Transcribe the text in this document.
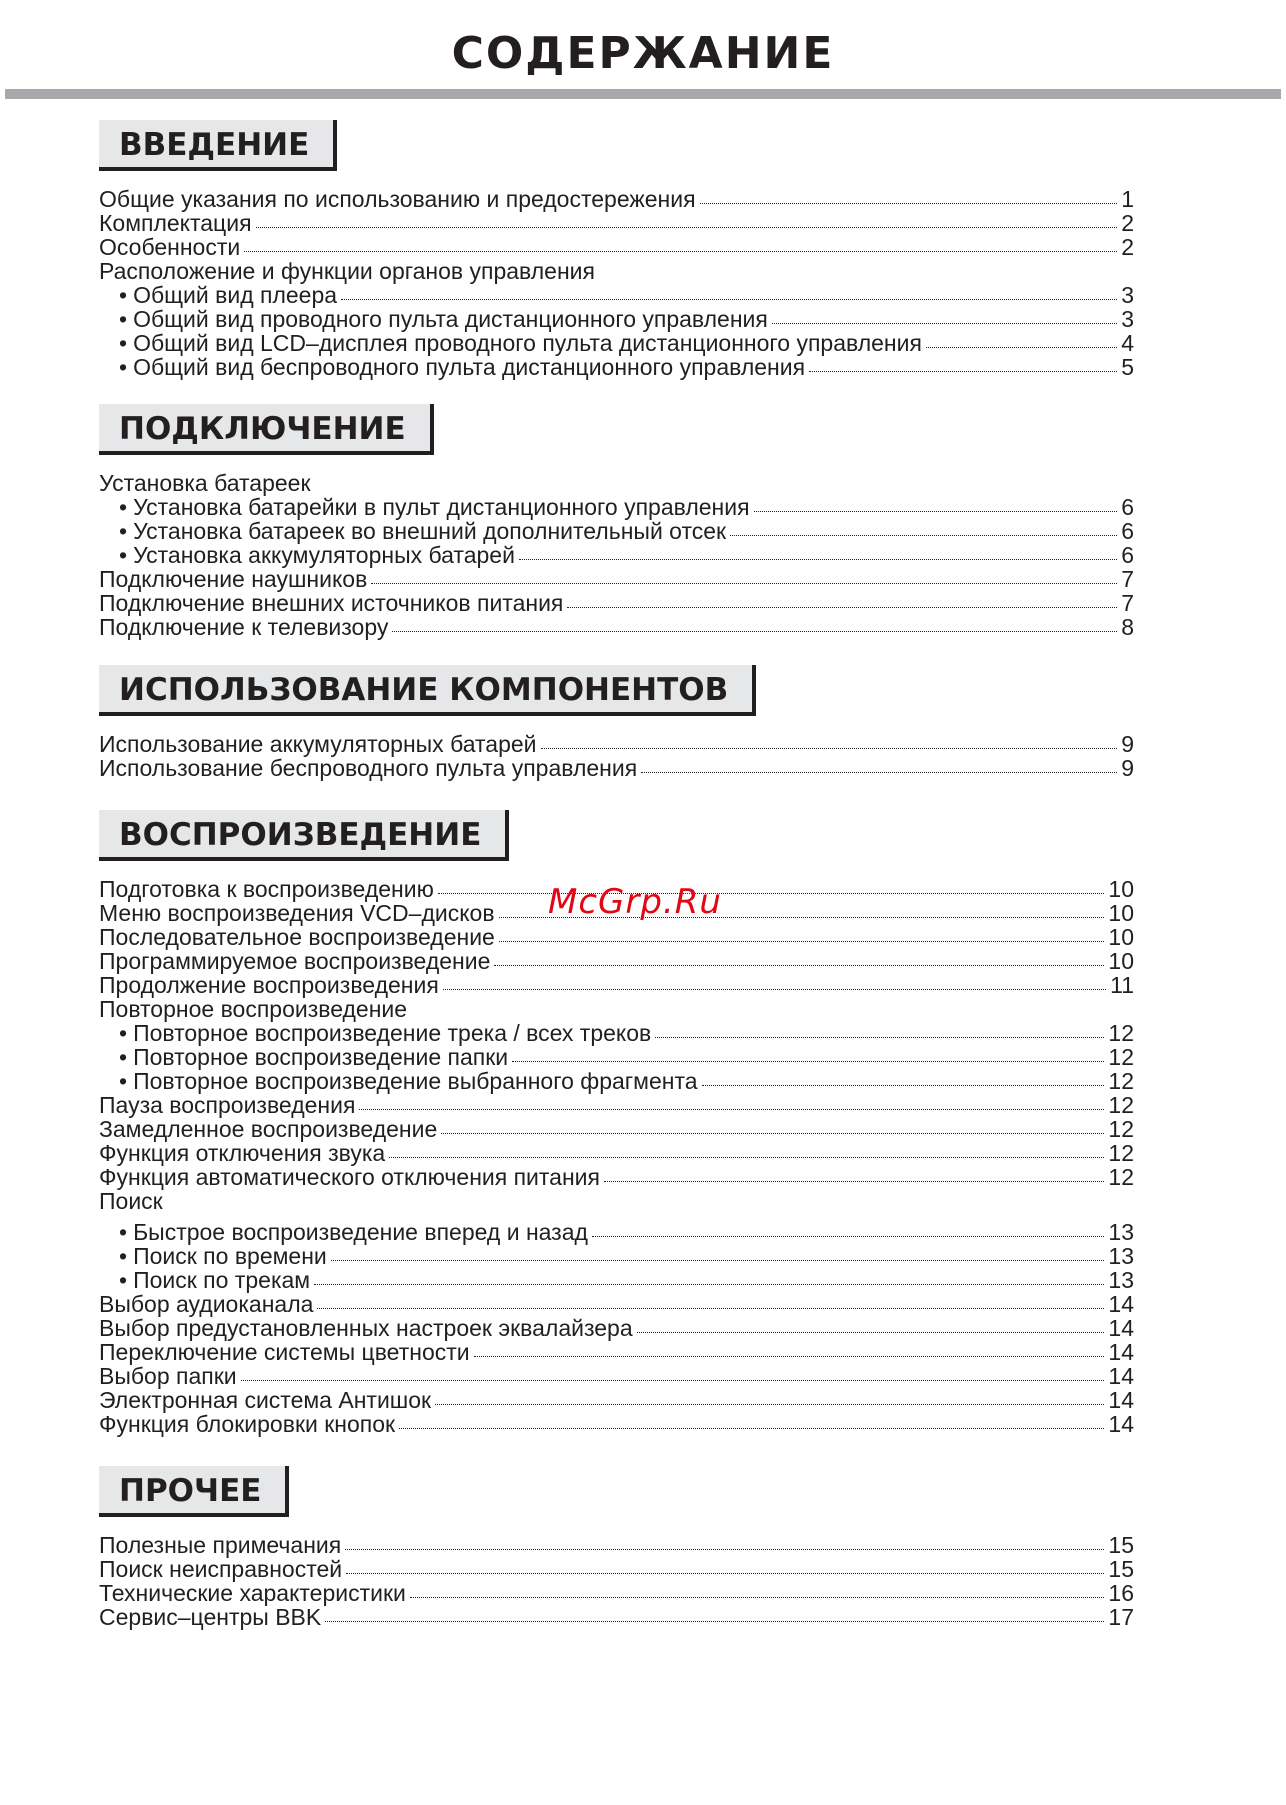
СОДЕРЖАНИЕ
ВВЕДЕНИЕ
Общие указания по использованию и предостережения	1
Комплектация	2
Особенности	2
Расположение и функции органов управления
• Общий вид плеера	3
• Общий вид проводного пульта дистанционного управления	3
• Общий вид LCD–дисплея проводного пульта дистанционного управления	4
• Общий вид беспроводного пульта дистанционного управления	5
ПОДКЛЮЧЕНИЕ
Установка батареек
• Установка батарейки в пульт дистанционного управления	6
• Установка батареек во внешний дополнительный отсек	6
• Установка аккумуляторных батарей	6
Подключение наушников	7
Подключение внешних источников питания	7
Подключение к телевизору	8
ИСПОЛЬЗОВАНИЕ КОМПОНЕНТОВ
Использование аккумуляторных батарей	9
Использование беспроводного пульта управления	9
ВОСПРОИЗВЕДЕНИЕ
Подготовка к воспроизведению	10
Меню воспроизведения VCD–дисков	10
Последовательное воспроизведение	10
Программируемое воспроизведение	10
Продолжение воспроизведения	11
Повторное воспроизведение
• Повторное воспроизведение трека / всех треков	12
• Повторное воспроизведение папки	12
• Повторное воспроизведение выбранного фрагмента	12
Пауза воспроизведения	12
Замедленное воспроизведение	12
Функция отключения звука	12
Функция автоматического отключения питания	12
Поиск
• Быстрое воспроизведение вперед и назад	13
• Поиск по времени	13
• Поиск по трекам	13
Выбор аудиоканала	14
Выбор предустановленных настроек эквалайзера	14
Переключение системы цветности	14
Выбор папки	14
Электронная система Антишок	14
Функция блокировки кнопок	14
ПРОЧЕЕ
Полезные примечания	15
Поиск неисправностей	15
Технические характеристики	16
Сервис–центры BBK	17
McGrp.Ru
